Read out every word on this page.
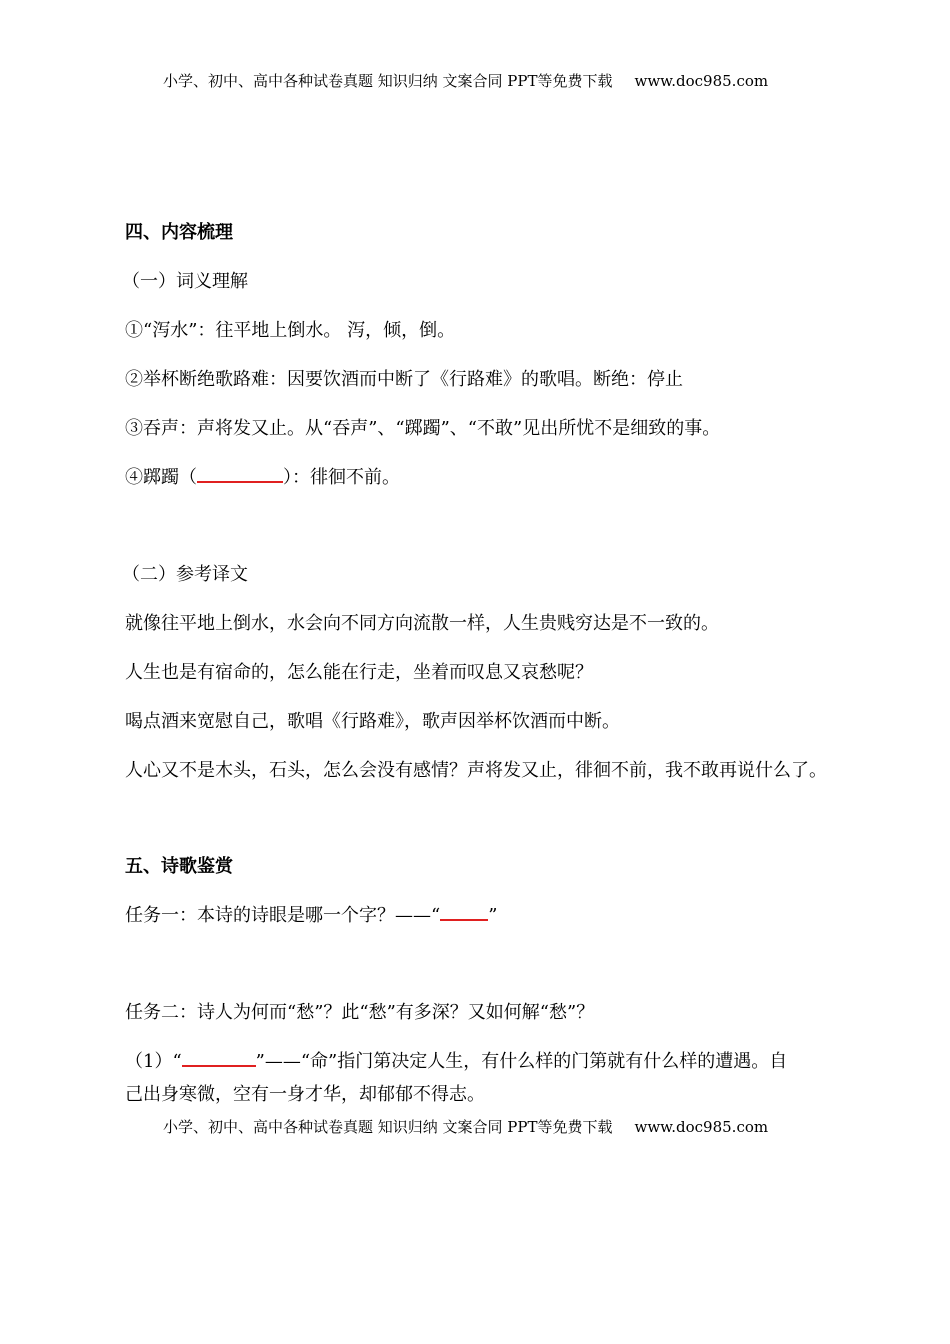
小学、初中、高中各种试卷真题 知识归纳 文案合同 PPT等免费下载 www.doc985.com
四、内容梳理
（一）词义理解
①“泻水”：往平地上倒水。 泻，倾，倒。
②举杯断绝歌路难：因要饮酒而中断了《行路难》的歌唱。断绝：停止
③吞声：声将发又止。从“吞声”、“踯躅”、“不敢”见出所忧不是细致的事。
④踯躅（	）：徘徊不前。
（二）参考译文
就像往平地上倒水，水会向不同方向流散一样，人生贵贱穷达是不一致的。
人生也是有宿命的，怎么能在行走，坐着而叹息又哀愁呢？
喝点酒来宽慰自己，歌唱《行路难》，歌声因举杯饮酒而中断。
人心又不是木头，石头，怎么会没有感情？声将发又止，徘徊不前，我不敢再说什么了。
五、诗歌鉴赏
任务一：本诗的诗眼是哪一个字？——“	”
任务二：诗人为何而“愁”？此“愁”有多深？又如何解“愁”？
（1）“	”——“命”指门第决定人生，有什么样的门第就有什么样的遭遇。自
己出身寒微，空有一身才华，却郁郁不得志。
小学、初中、高中各种试卷真题 知识归纳 文案合同 PPT等免费下载 www.doc985.com
